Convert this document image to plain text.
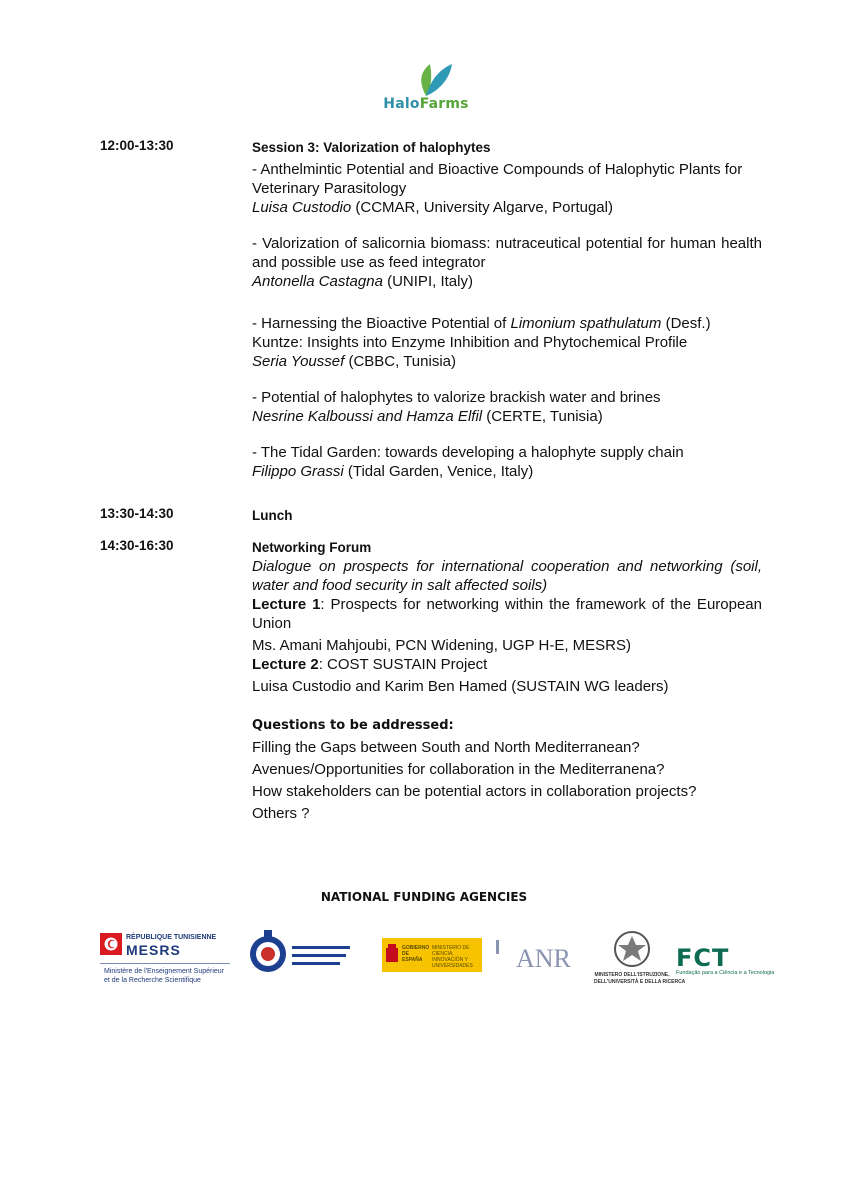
HaloFarms
12:00-13:30	Session 3: Valorization of halophytes

- Anthelmintic Potential and Bioactive Compounds of Halophytic Plants for Veterinary Parasitology

Luisa Custodio (CCMAR, University Algarve, Portugal)

- Valorization of salicornia biomass: nutraceutical potential for human health and possible use as feed integrator

Antonella Castagna (UNIPI, Italy)

- Harnessing the Bioactive Potential of Limonium spathulatum (Desf.) Kuntze: Insights into Enzyme Inhibition and Phytochemical Profile

Seria Youssef (CBBC, Tunisia)

- Potential of halophytes to valorize brackish water and brines

Nesrine Kalboussi and Hamza Elfil (CERTE, Tunisia)

- The Tidal Garden: towards developing a halophyte supply chain

Filippo Grassi (Tidal Garden, Venice, Italy)

13:30-14:30	Lunch
14:30-16:30	Networking Forum

Dialogue on prospects for international cooperation and networking (soil, water and food security in salt affected soils)

Lecture 1: Prospects for networking within the framework of the European Union

Ms. Amani Mahjoubi, PCN Widening, UGP H-E, MESRS)

Lecture 2: COST SUSTAIN Project

Luisa Custodio and Karim Ben Hamed (SUSTAIN WG leaders)

Questions to be addressed:

Filling the Gaps between South and North Mediterranean?

Avenues/Opportunities for collaboration in the Mediterranena?

How stakeholders can be potential actors in collaboration projects?

Others ?

NATIONAL FUNDING AGENCIES
RÉPUBLIQUE TUNISIENNE
MESRS
Ministère de l'Enseignement Supérieur
et de la Recherche Scientifique
GOBIERNO DE ESPAÑA
MINISTERIO DE CIENCIA, INNOVACIÓN Y UNIVERSIDADES ANR
MINISTERO DELL'ISTRUZIONE,
DELL'UNIVERSITÀ E DELLA RICERCA
FCT
Fundação para a Ciência e a Tecnologia
